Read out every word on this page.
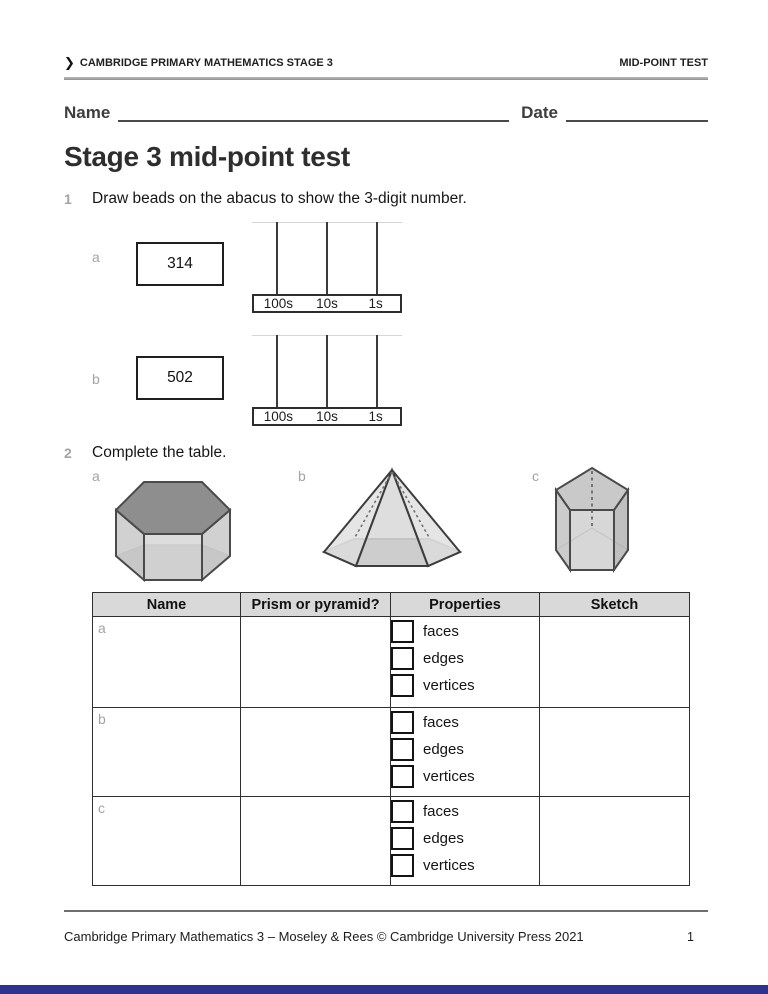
❯ CAMBRIDGE PRIMARY MATHEMATICS STAGE 3	MID-POINT TEST
Name	Date
Stage 3 mid-point test
1 Draw beads on the abacus to show the 3-digit number.
a	314
100s	10s	1s
b	502
100s	10s	1s
2 Complete the table.
a	b	c
Name	Prism or pyramid?	Properties	Sketch

a		faces
edges
vertices	

b		faces
edges
vertices	

c		faces
edges
vertices	

Cambridge Primary Mathematics 3 – Moseley & Rees © Cambridge University Press 2021	1
